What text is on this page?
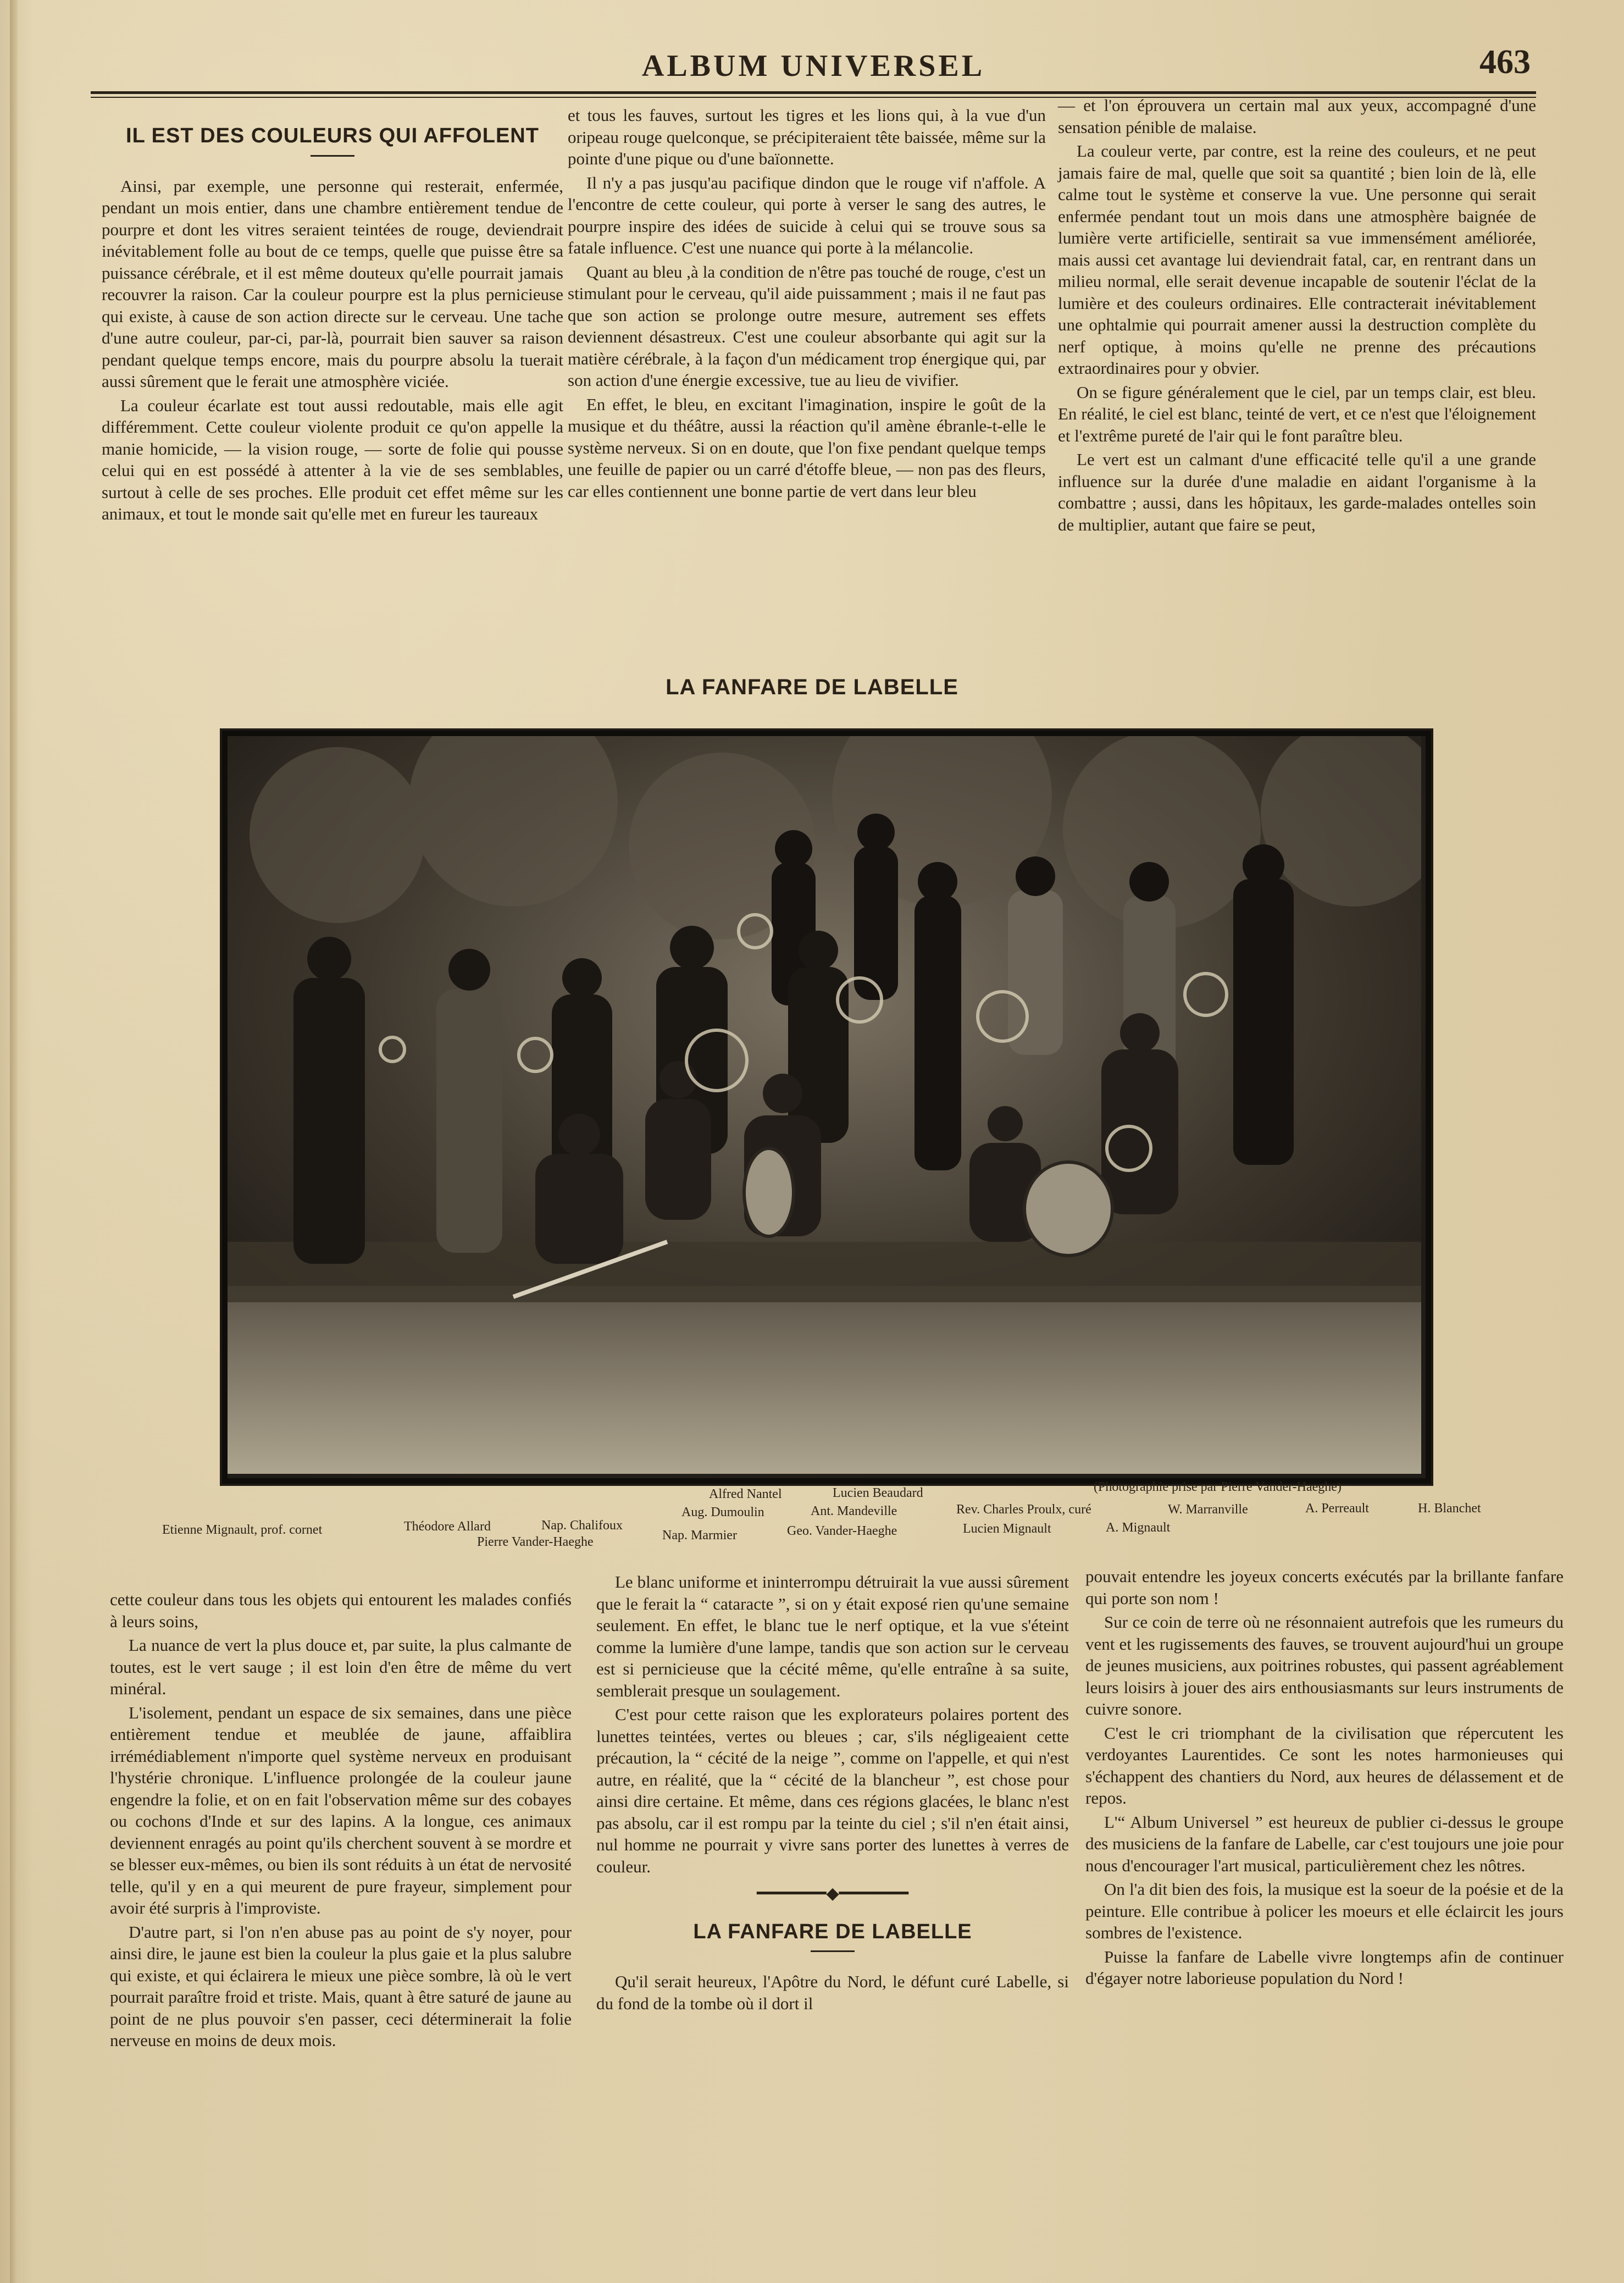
ALBUM UNIVERSEL	463
IL EST DES COULEURS QUI AFFOLENT

Ainsi, par exemple, une personne qui resterait, enfermée, pendant un mois entier, dans une chambre entièrement tendue de pourpre et dont les vitres seraient teintées de rouge, deviendrait inévitablement folle au bout de ce temps, quelle que puisse être sa puissance cérébrale, et il est même douteux qu'elle pourrait jamais recouvrer la raison. Car la couleur pourpre est la plus pernicieuse qui existe, à cause de son action directe sur le cerveau. Une tache d'une autre couleur, par-ci, par-là, pourrait bien sauver sa raison pendant quelque temps encore, mais du pourpre absolu la tuerait aussi sûrement que le ferait une atmosphère viciée.

La couleur écarlate est tout aussi redoutable, mais elle agit différemment. Cette couleur violente produit ce qu'on appelle la manie homicide, — la vision rouge, — sorte de folie qui pousse celui qui en est possédé à attenter à la vie de ses semblables, surtout à celle de ses proches. Elle produit cet effet même sur les animaux, et tout le monde sait qu'elle met en fureur les taureaux

et tous les fauves, surtout les tigres et les lions qui, à la vue d'un oripeau rouge quelconque, se précipiteraient tête baissée, même sur la pointe d'une pique ou d'une baïonnette.

Il n'y a pas jusqu'au pacifique dindon que le rouge vif n'affole. A l'encontre de cette couleur, qui porte à verser le sang des autres, le pourpre inspire des idées de suicide à celui qui se trouve sous sa fatale influence. C'est une nuance qui porte à la mélancolie.

Quant au bleu ,à la condition de n'être pas touché de rouge, c'est un stimulant pour le cerveau, qu'il aide puissamment ; mais il ne faut pas que son action se prolonge outre mesure, autrement ses effets deviennent désastreux. C'est une couleur absorbante qui agit sur la matière cérébrale, à la façon d'un médicament trop énergique qui, par son action d'une énergie excessive, tue au lieu de vivifier.

En effet, le bleu, en excitant l'imagination, inspire le goût de la musique et du théâtre, aussi la réaction qu'il amène ébranle-t-elle le système nerveux. Si on en doute, que l'on fixe pendant quelque temps une feuille de papier ou un carré d'étoffe bleue, — non pas des fleurs, car elles contiennent une bonne partie de vert dans leur bleu

— et l'on éprouvera un certain mal aux yeux, accompagné d'une sensation pénible de malaise.

La couleur verte, par contre, est la reine des couleurs, et ne peut jamais faire de mal, quelle que soit sa quantité ; bien loin de là, elle calme tout le système et conserve la vue. Une personne qui serait enfermée pendant tout un mois dans une atmosphère baignée de lumière verte artificielle, sentirait sa vue immensément améliorée, mais aussi cet avantage lui deviendrait fatal, car, en rentrant dans un milieu normal, elle serait devenue incapable de soutenir l'éclat de la lumière et des couleurs ordinaires. Elle contracterait inévitablement une ophtalmie qui pourrait amener aussi la destruction complète du nerf optique, à moins qu'elle ne prenne des précautions extraordinaires pour y obvier.

On se figure généralement que le ciel, par un temps clair, est bleu. En réalité, le ciel est blanc, teinté de vert, et ce n'est que l'éloignement et l'extrême pureté de l'air qui le font paraître bleu.

Le vert est un calmant d'une efficacité telle qu'il a une grande influence sur la durée d'une maladie en aidant l'organisme à la combattre ; aussi, dans les hôpitaux, les garde-malades ontelles soin de multiplier, autant que faire se peut,

LA FANFARE DE LABELLE
(Photographie prise par Pierre Vander-Haeghe)
Alfred Nantel	Lucien Beaudard
Aug. Dumoulin	Ant. Mandeville	Rev. Charles Proulx, curé	W. Marranville	A. Perreault	H. Blanchet
Etienne Mignault, prof. cornet	Théodore Allard	Nap. Chalifoux	Geo. Vander-Haeghe	Lucien Mignault	A. Mignault
Pierre Vander-Haeghe	Nap. Marmier

cette couleur dans tous les objets qui entourent les malades confiés à leurs soins,

La nuance de vert la plus douce et, par suite, la plus calmante de toutes, est le vert sauge ; il est loin d'en être de même du vert minéral.

L'isolement, pendant un espace de six semaines, dans une pièce entièrement tendue et meublée de jaune, affaiblira irrémédiablement n'importe quel système nerveux en produisant l'hystérie chronique. L'influence prolongée de la couleur jaune engendre la folie, et on en fait l'observation même sur des cobayes ou cochons d'Inde et sur des lapins. A la longue, ces animaux deviennent enragés au point qu'ils cherchent souvent à se mordre et se blesser eux-mêmes, ou bien ils sont réduits à un état de nervosité telle, qu'il y en a qui meurent de pure frayeur, simplement pour avoir été surpris à l'improviste.

D'autre part, si l'on n'en abuse pas au point de s'y noyer, pour ainsi dire, le jaune est bien la couleur la plus gaie et la plus salubre qui existe, et qui éclairera le mieux une pièce sombre, là où le vert pourrait paraître froid et triste. Mais, quant à être saturé de jaune au point de ne plus pouvoir s'en passer, ceci déterminerait la folie nerveuse en moins de deux mois.

Le blanc uniforme et ininterrompu détruirait la vue aussi sûrement que le ferait la “ cataracte ”, si on y était exposé rien qu'une semaine seulement. En effet, le blanc tue le nerf optique, et la vue s'éteint comme la lumière d'une lampe, tandis que son action sur le cerveau est si pernicieuse que la cécité même, qu'elle entraîne à sa suite, semblerait presque un soulagement.

C'est pour cette raison que les explorateurs polaires portent des lunettes teintées, vertes ou bleues ; car, s'ils négligeaient cette précaution, la “ cécité de la neige ”, comme on l'appelle, et qui n'est autre, en réalité, que la “ cécité de la blancheur ”, est chose pour ainsi dire certaine. Et même, dans ces régions glacées, le blanc n'est pas absolu, car il est rompu par la teinte du ciel ; s'il n'en était ainsi, nul homme ne pourrait y vivre sans porter des lunettes à verres de couleur.

━━━━━━━◆━━━━━━━
LA FANFARE DE LABELLE

Qu'il serait heureux, l'Apôtre du Nord, le défunt curé Labelle, si du fond de la tombe où il dort il

pouvait entendre les joyeux concerts exécutés par la brillante fanfare qui porte son nom !

Sur ce coin de terre où ne résonnaient autrefois que les rumeurs du vent et les rugissements des fauves, se trouvent aujourd'hui un groupe de jeunes musiciens, aux poitrines robustes, qui passent agréablement leurs loisirs à jouer des airs enthousiasmants sur leurs instruments de cuivre sonore.

C'est le cri triomphant de la civilisation que répercutent les verdoyantes Laurentides. Ce sont les notes harmonieuses qui s'échappent des chantiers du Nord, aux heures de délassement et de repos.

L'“ Album Universel ” est heureux de publier ci-dessus le groupe des musiciens de la fanfare de Labelle, car c'est toujours une joie pour nous d'encourager l'art musical, particulièrement chez les nôtres.

On l'a dit bien des fois, la musique est la soeur de la poésie et de la peinture. Elle contribue à policer les moeurs et elle éclaircit les jours sombres de l'existence.

Puisse la fanfare de Labelle vivre longtemps afin de continuer d'égayer notre laborieuse population du Nord !
